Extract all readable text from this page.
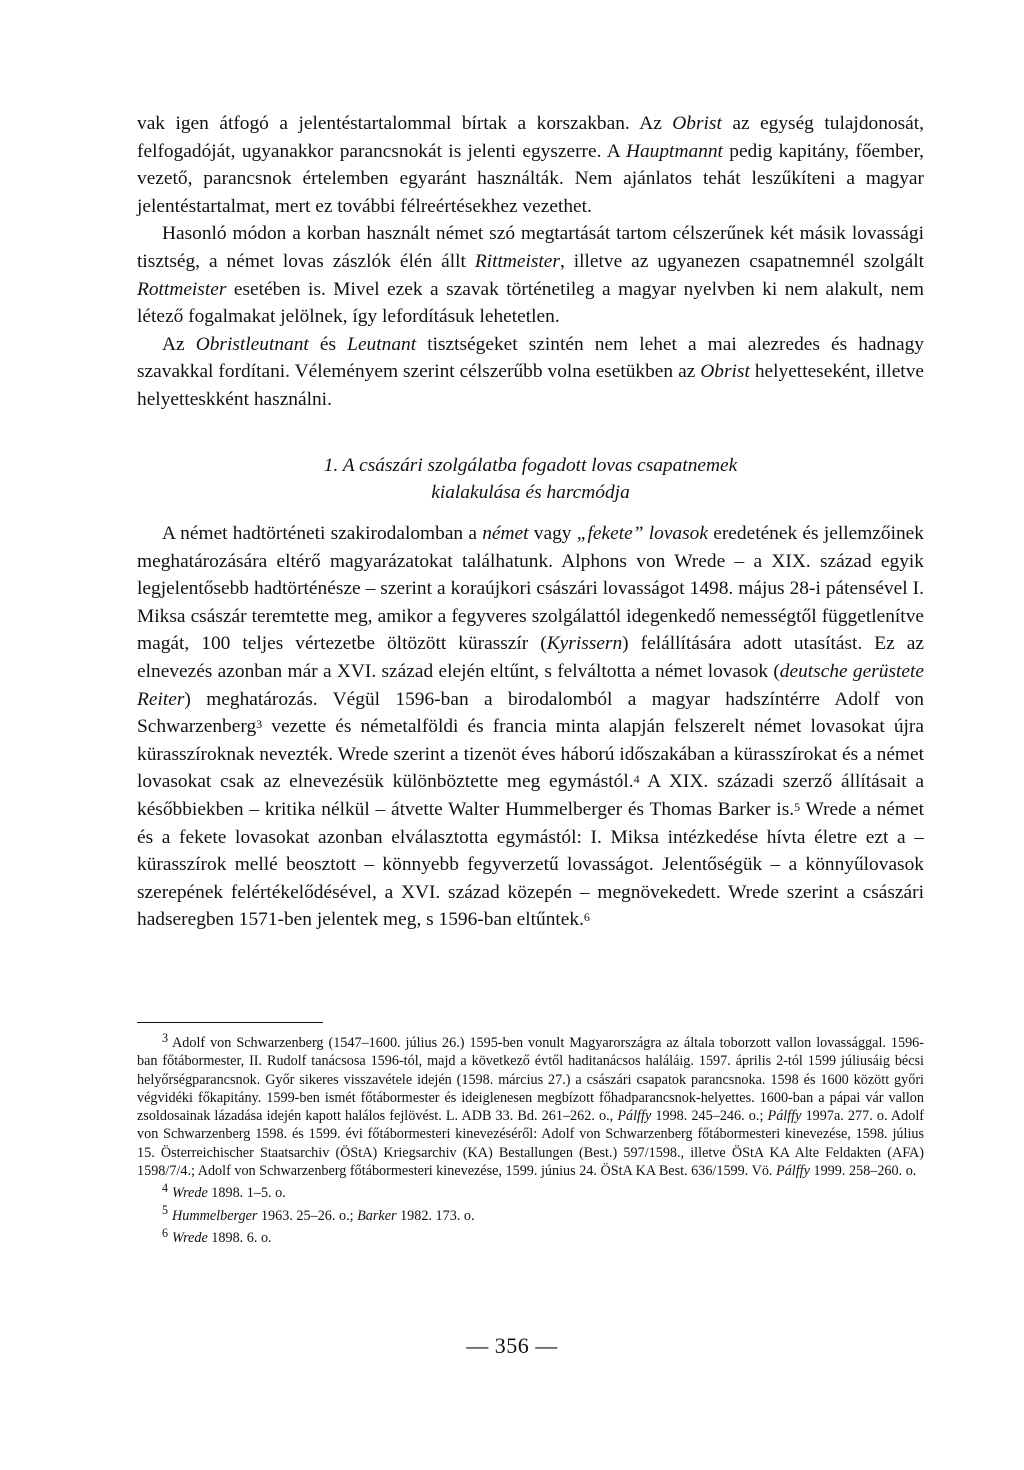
vak igen átfogó a jelentéstartalommal bírtak a korszakban. Az Obrist az egység tulajdonosát, felfogadóját, ugyanakkor parancsnokát is jelenti egyszerre. A Hauptmannt pedig kapitány, főember, vezető, parancsnok értelemben egyaránt használták. Nem ajánlatos tehát leszűkíteni a magyar jelentéstartalmat, mert ez további félreértésekhez vezethet.

Hasonló módon a korban használt német szó megtartását tartom célszerűnek két másik lovassági tisztség, a német lovas zászlók élén állt Rittmeister, illetve az ugyanezen csapatnemnél szolgált Rottmeister esetében is. Mivel ezek a szavak történetileg a magyar nyelvben ki nem alakult, nem létező fogalmakat jelölnek, így lefordításuk lehetetlen.

Az Obristleutnant és Leutnant tisztségeket szintén nem lehet a mai alezredes és hadnagy szavakkal fordítani. Véleményem szerint célszerűbb volna esetükben az Obrist helyetteseként, illetve helyetteskként használni.

1. A császári szolgálatba fogadott lovas csapatnemek
kialakulása és harcmódja

A német hadtörténeti szakirodalomban a német vagy „fekete” lovasok eredetének és jellemzőinek meghatározására eltérő magyarázatokat találhatunk. Alphons von Wrede – a XIX. század egyik legjelentősebb hadtörténésze – szerint a koraújkori császári lovasságot 1498. május 28-i pátensével I. Miksa császár teremtette meg, amikor a fegyveres szolgálattól idegenkedő nemességtől függetlenítve magát, 100 teljes vértezetbe öltözött kürasszír (Kyrissern) felállítására adott utasítást. Ez az elnevezés azonban már a XVI. század elején eltűnt, s felváltotta a német lovasok (deutsche gerüstete Reiter) meghatározás. Végül 1596-ban a birodalomból a magyar hadszíntérre Adolf von Schwarzenberg$^3$ vezette és németalföldi és francia minta alapján felszerelt német lovasokat újra kürasszíroknak nevezték. Wrede szerint a tizenöt éves háború időszakában a kürasszírokat és a német lovasokat csak az elnevezésük különböztette meg egymástól.$^4$ A XIX. századi szerző állításait a későbbiekben – kritika nélkül – átvette Walter Hummelberger és Thomas Barker is.$^5$ Wrede a német és a fekete lovasokat azonban elválasztotta egymástól: I. Miksa intézkedése hívta életre ezt a – kürasszírok mellé beosztott – könnyebb fegyverzetű lovasságot. Jelentőségük – a könnyűlovasok szerepének felértékelődésével, a XVI. század közepén – megnövekedett. Wrede szerint a császári hadseregben 1571-ben jelentek meg, s 1596-ban eltűntek.$^6$

$^3$ Adolf von Schwarzenberg (1547–1600. július 26.) 1595-ben vonult Magyarországra az általa toborzott vallon lovassággal. 1596-ban főtábormester, II. Rudolf tanácsosa 1596-tól, majd a következő évtől haditanácsos haláláig. 1597. április 2-tól 1599 júliusáig bécsi helyőrségparancsnok. Győr sikeres visszavétele idején (1598. március 27.) a császári csapatok parancsnoka. 1598 és 1600 között győri végvidéki főkapitány. 1599-ben ismét főtábormester és ideiglenesen megbízott főhadparancsnok-helyettes. 1600-ban a pápai vár vallon zsoldosainak lázadása idején kapott halálos fejlövést. L. ADB 33. Bd. 261–262. o., Pálffy 1998. 245–246. o.; Pálffy 1997a. 277. o. Adolf von Schwarzenberg 1598. és 1599. évi főtábormesteri kinevezéséről: Adolf von Schwarzenberg főtábormesteri kinevezése, 1598. július 15. Österreichischer Staatsarchiv (ÖStA) Kriegsarchiv (KA) Bestallungen (Best.) 597/1598., illetve ÖStA KA Alte Feldakten (AFA) 1598/7/4.; Adolf von Schwarzenberg főtábormesteri kinevezése, 1599. június 24. ÖStA KA Best. 636/1599. Vö. Pálffy 1999. 258–260. o.

$^4$ Wrede 1898. 1–5. o.

$^5$ Hummelberger 1963. 25–26. o.; Barker 1982. 173. o.

$^6$ Wrede 1898. 6. o.

— 356 —
